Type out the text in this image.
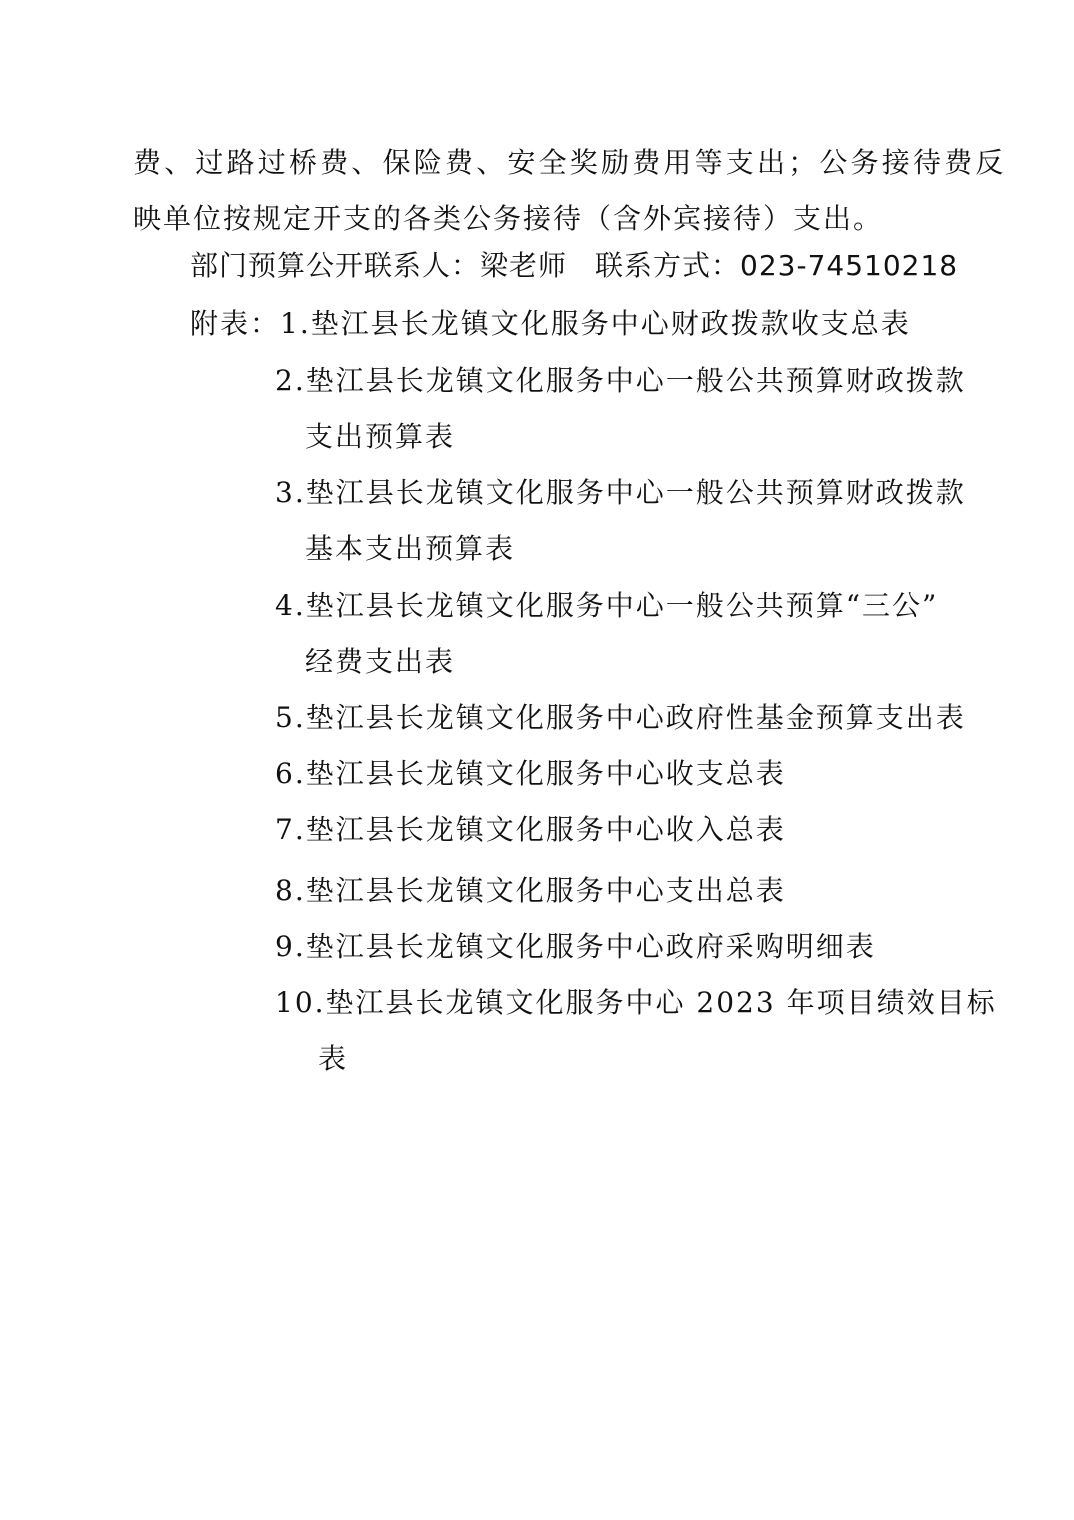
费、过路过桥费、保险费、安全奖励费用等支出；公务接待费反
映单位按规定开支的各类公务接待（含外宾接待）支出。
部门预算公开联系人：梁老师 联系方式：023-74510218
附表：1.垫江县长龙镇文化服务中心财政拨款收支总表
2.垫江县长龙镇文化服务中心一般公共预算财政拨款
支出预算表
3.垫江县长龙镇文化服务中心一般公共预算财政拨款
基本支出预算表
4.垫江县长龙镇文化服务中心一般公共预算“三公”
经费支出表
5.垫江县长龙镇文化服务中心政府性基金预算支出表
6.垫江县长龙镇文化服务中心收支总表
7.垫江县长龙镇文化服务中心收入总表
8.垫江县长龙镇文化服务中心支出总表
9.垫江县长龙镇文化服务中心政府采购明细表
10.垫江县长龙镇文化服务中心 2023 年项目绩效目标
表
